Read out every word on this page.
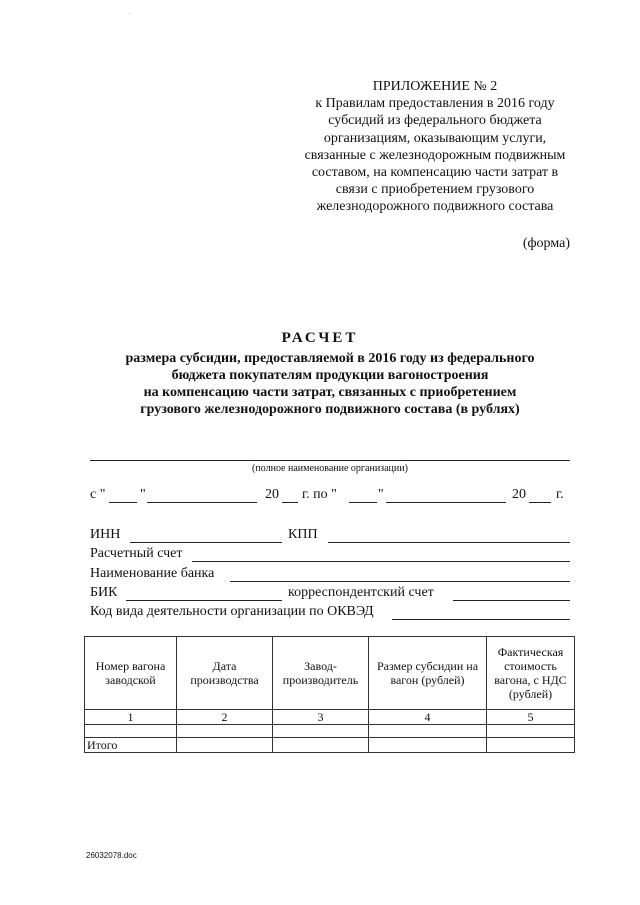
·
ПРИЛОЖЕНИЕ № 2
к Правилам предоставления в 2016 году
субсидий из федерального бюджета
организациям, оказывающим услуги,
связанные с железнодорожным подвижным
составом, на компенсацию части затрат в
связи с приобретением грузового
железнодорожного подвижного состава
(форма)
РАСЧЕТ
размера субсидии, предоставляемой в 2016 году из федерального
бюджета покупателям продукции вагоностроения
на компенсацию части затрат, связанных с приобретением
грузового железнодорожного подвижного состава (в рублях)
(полное наименование организации)
с " "	20 г. по "	"	20 г.
ИНН	КПП
Расчетный счет
Наименование банка
БИК	корреспондентский счет
Код вида деятельности организации по ОКВЭД
Номер вагона заводской	Дата производства	Завод-производитель	Размер субсидии на вагон (рублей)	Фактическая стоимость вагона, с НДС (рублей)
1	2	3	4	5

Итого				
26032078.doc
